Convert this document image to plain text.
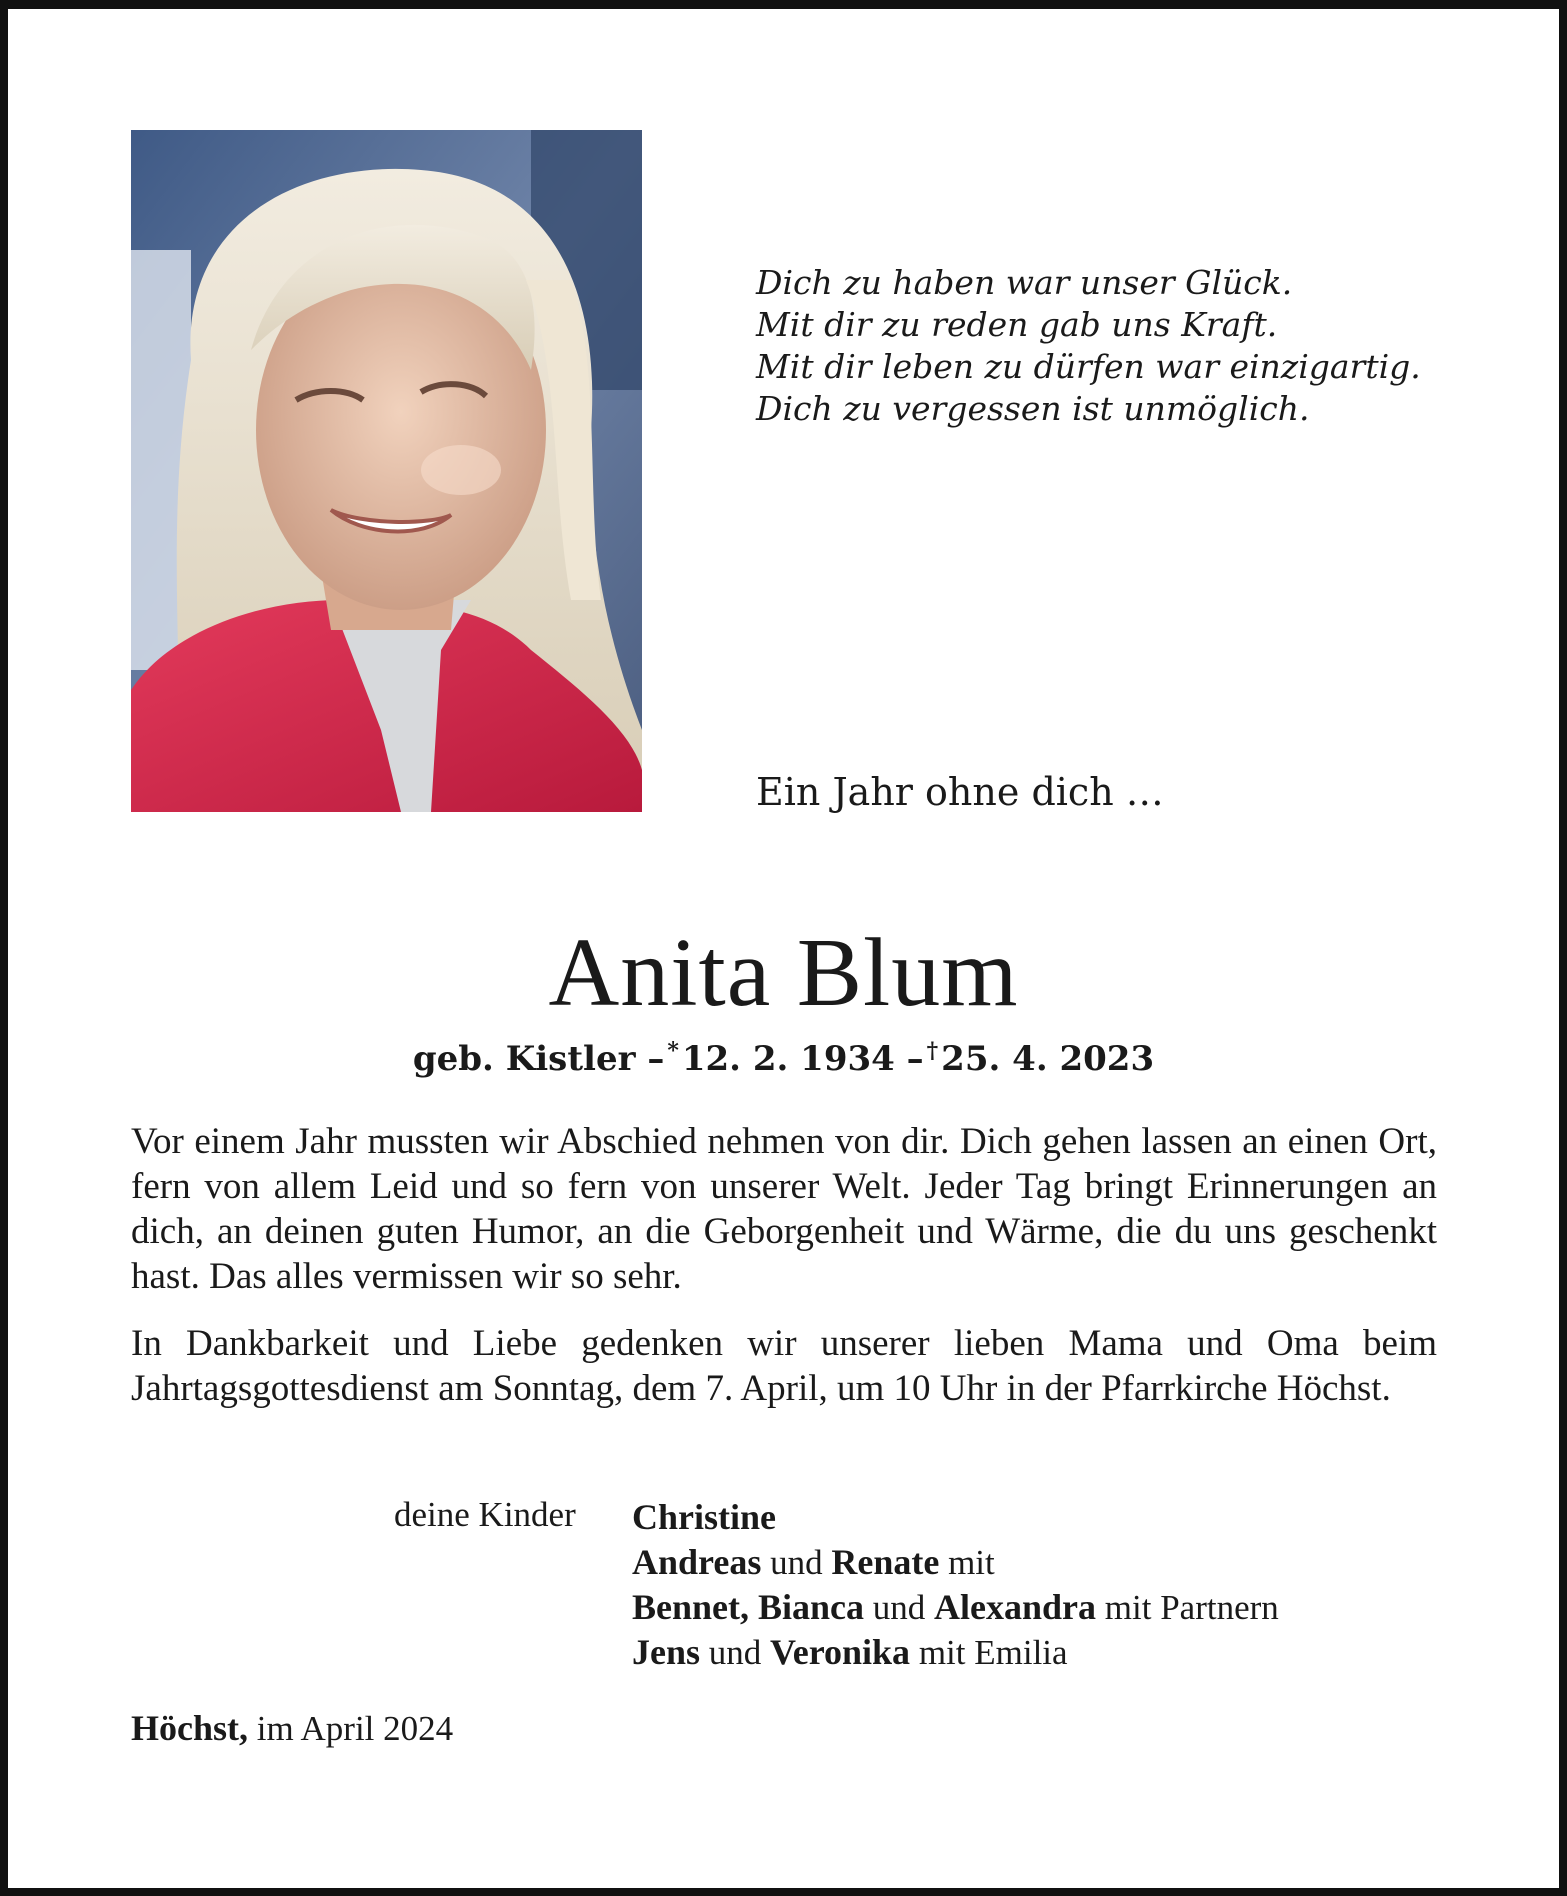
Dich zu haben war unser Glück.
Mit dir zu reden gab uns Kraft.
Mit dir leben zu dürfen war einzigartig.
Dich zu vergessen ist unmöglich.
Ein Jahr ohne dich …
Anita Blum
geb. Kistler – *12. 2. 1934 – †25. 4. 2023
Vor einem Jahr mussten wir Abschied nehmen von dir. Dich gehen lassen an einen Ort, fern von allem Leid und so fern von unserer Welt. Jeder Tag bringt Erinnerungen an dich, an deinen guten Humor, an die Geborgenheit und Wärme, die du uns geschenkt hast. Das alles vermissen wir so sehr.
In Dankbarkeit und Liebe gedenken wir unserer lieben Mama und Oma beim Jahrtagsgottesdienst am Sonntag, dem 7. April, um 10 Uhr in der Pfarrkirche Höchst.
deine Kinder Christine
Andreas und Renate mit
Bennet, Bianca und Alexandra mit Partnern
Jens und Veronika mit Emilia
Höchst, im April 2024
